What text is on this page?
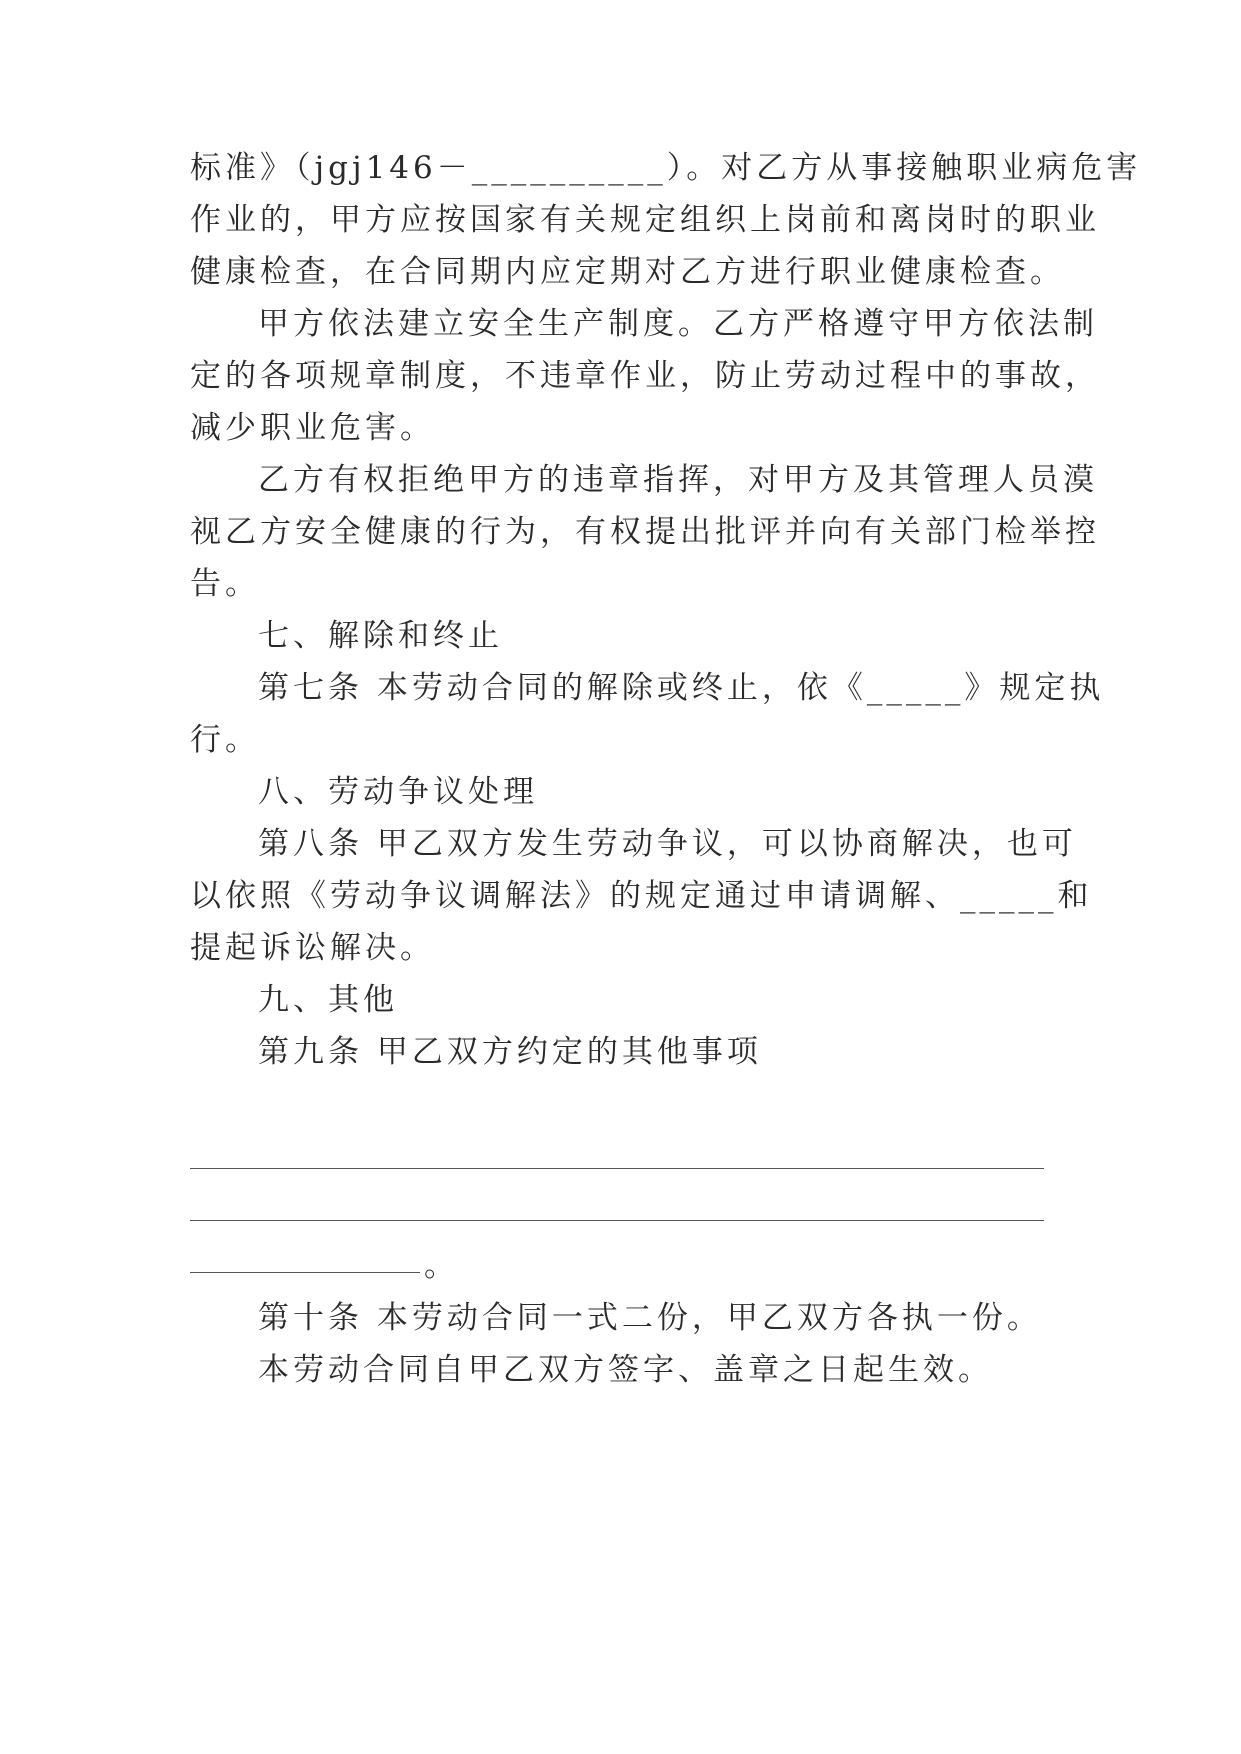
标准》（jgj146－__________）。对乙方从事接触职业病危害
作业的，甲方应按国家有关规定组织上岗前和离岗时的职业
健康检查，在合同期内应定期对乙方进行职业健康检查。
甲方依法建立安全生产制度。乙方严格遵守甲方依法制
定的各项规章制度，不违章作业，防止劳动过程中的事故，
减少职业危害。
乙方有权拒绝甲方的违章指挥，对甲方及其管理人员漠
视乙方安全健康的行为，有权提出批评并向有关部门检举控
告。
七、解除和终止
第七条 本劳动合同的解除或终止，依《_____》规定执
行。
八、劳动争议处理
第八条 甲乙双方发生劳动争议，可以协商解决，也可
以依照《劳动争议调解法》的规定通过申请调解、_____和
提起诉讼解决。
九、其他
第九条 甲乙双方约定的其他事项
。
第十条 本劳动合同一式二份，甲乙双方各执一份。
本劳动合同自甲乙双方签字、盖章之日起生效。
